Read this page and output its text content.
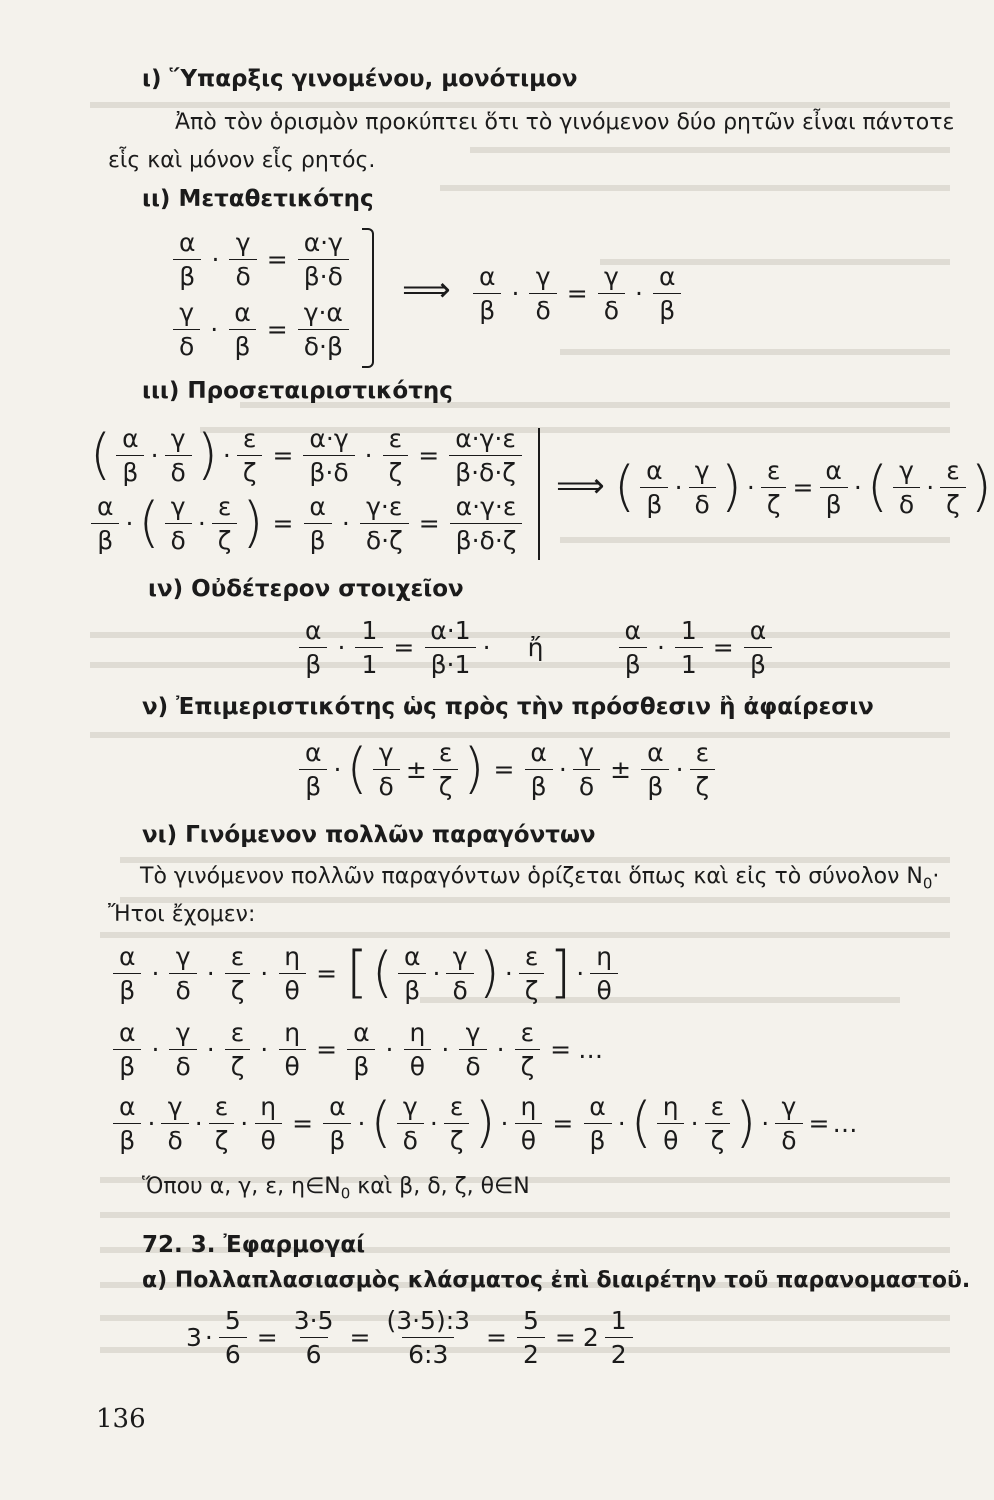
ι) Ὕπαρξις γινομένου, μονότιμον
Ἀπὸ τὸν ὁρισμὸν προκύπτει ὅτι τὸ γινόμενον δύο ρητῶν εἶναι πάντοτε
εἷς καὶ μόνον εἷς ρητός.
ιι) Μεταθετικότης
$\frac{\alpha}{\beta} \cdot \frac{\gamma}{\delta} = \frac{\alpha\cdot\gamma}{\beta\cdot\delta}$
$\frac{\gamma}{\delta} \cdot \frac{\alpha}{\beta} = \frac{\gamma\cdot\alpha}{\delta\cdot\beta}$
⟹ $\frac{\alpha}{\beta} \cdot \frac{\gamma}{\delta} = \frac{\gamma}{\delta} \cdot \frac{\alpha}{\beta}$
ιιι) Προσεταιριστικότης
( $\frac{\alpha}{\beta} \cdot \frac{\gamma}{\delta}$ ) · $\frac{\varepsilon}{\zeta} = \frac{\alpha\cdot\gamma}{\beta\cdot\delta} \cdot \frac{\varepsilon}{\zeta} = \frac{\alpha\cdot\gamma\cdot\varepsilon}{\beta\cdot\delta\cdot\zeta}$
$\frac{\alpha}{\beta}$ · ( $\frac{\gamma}{\delta} \cdot \frac{\varepsilon}{\zeta}$ ) = $\frac{\alpha}{\beta} \cdot \frac{\gamma\cdot\varepsilon}{\delta\cdot\zeta} = \frac{\alpha\cdot\gamma\cdot\varepsilon}{\beta\cdot\delta\cdot\zeta}$
⟹ ( $\frac{\alpha}{\beta} \cdot \frac{\gamma}{\delta}$ ) · $\frac{\varepsilon}{\zeta} = \frac{\alpha}{\beta}$ · ( $\frac{\gamma}{\delta} \cdot \frac{\varepsilon}{\zeta}$ )
ιν) Οὐδέτερον στοιχεῖον
$\frac{\alpha}{\beta} \cdot \frac{1}{1} = \frac{\alpha\cdot 1}{\beta\cdot 1}$ · ἤ	$\frac{\alpha}{\beta} \cdot \frac{1}{1} = \frac{\alpha}{\beta}$
ν) Ἐπιμεριστικότης ὡς πρὸς τὴν πρόσθεσιν ἢ ἀφαίρεσιν
$\frac{\alpha}{\beta}$ · ( $\frac{\gamma}{\delta} \pm \frac{\varepsilon}{\zeta}$ ) = $\frac{\alpha}{\beta} \cdot \frac{\gamma}{\delta} \pm \frac{\alpha}{\beta} \cdot \frac{\varepsilon}{\zeta}$
νι) Γινόμενον πολλῶν παραγόντων
Τὸ γινόμενον πολλῶν παραγόντων ὁρίζεται ὅπως καὶ εἰς τὸ σύνολον $N_0\cdot$
Ἤτοι ἔχομεν:
$\frac{\alpha}{\beta} \cdot \frac{\gamma}{\delta} \cdot \frac{\varepsilon}{\zeta} \cdot \frac{\eta}{\theta}$ = [ ( $\frac{\alpha}{\beta} \cdot \frac{\gamma}{\delta}$ ) · $\frac{\varepsilon}{\zeta}$ ] · $\frac{\eta}{\theta}$
$\frac{\alpha}{\beta} \cdot \frac{\gamma}{\delta} \cdot \frac{\varepsilon}{\zeta} \cdot \frac{\eta}{\theta} = \frac{\alpha}{\beta} \cdot \frac{\eta}{\theta} \cdot \frac{\gamma}{\delta} \cdot \frac{\varepsilon}{\zeta}$ = …
$\frac{\alpha}{\beta} \cdot \frac{\gamma}{\delta} \cdot \frac{\varepsilon}{\zeta} \cdot \frac{\eta}{\theta} = \frac{\alpha}{\beta}$ · ( $\frac{\gamma}{\delta} \cdot \frac{\varepsilon}{\zeta}$ ) · $\frac{\eta}{\theta} = \frac{\alpha}{\beta}$ · ( $\frac{\eta}{\theta} \cdot \frac{\varepsilon}{\zeta}$ ) · $\frac{\gamma}{\delta}$ = …
Ὅπου α, γ, ε, $\eta\in N_0$ καὶ β, δ, ζ, θ∈N
72. 3. Ἐφαρμογαί
α) Πολλαπλασιασμὸς κλάσματος ἐπὶ διαιρέτην τοῦ παρανομαστοῦ.
$3 \cdot \frac{5}{6} = \frac{3\cdot 5}{6} = \frac{(3\cdot 5):3}{6:3} = \frac{5}{2} = 2 \frac{1}{2}$
136
